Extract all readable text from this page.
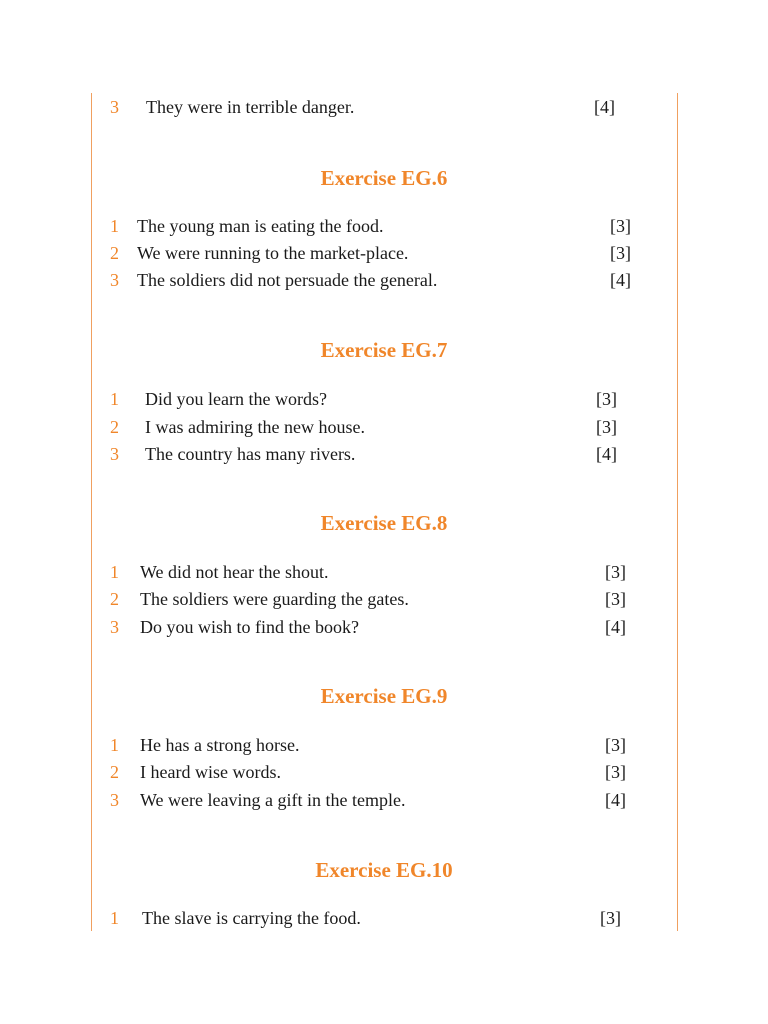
3 They were in terrible danger.	[4]
Exercise EG.6
1 The young man is eating the food.	[3]
2 We were running to the market-place.	[3]
3 The soldiers did not persuade the general.	[4]
Exercise EG.7
1 Did you learn the words?	[3]
2 I was admiring the new house.	[3]
3 The country has many rivers.	[4]
Exercise EG.8
1 We did not hear the shout.	[3]
2 The soldiers were guarding the gates.	[3]
3 Do you wish to find the book?	[4]
Exercise EG.9
1 He has a strong horse.	[3]
2 I heard wise words.	[3]
3 We were leaving a gift in the temple.	[4]
Exercise EG.10
1 The slave is carrying the food.	[3]
